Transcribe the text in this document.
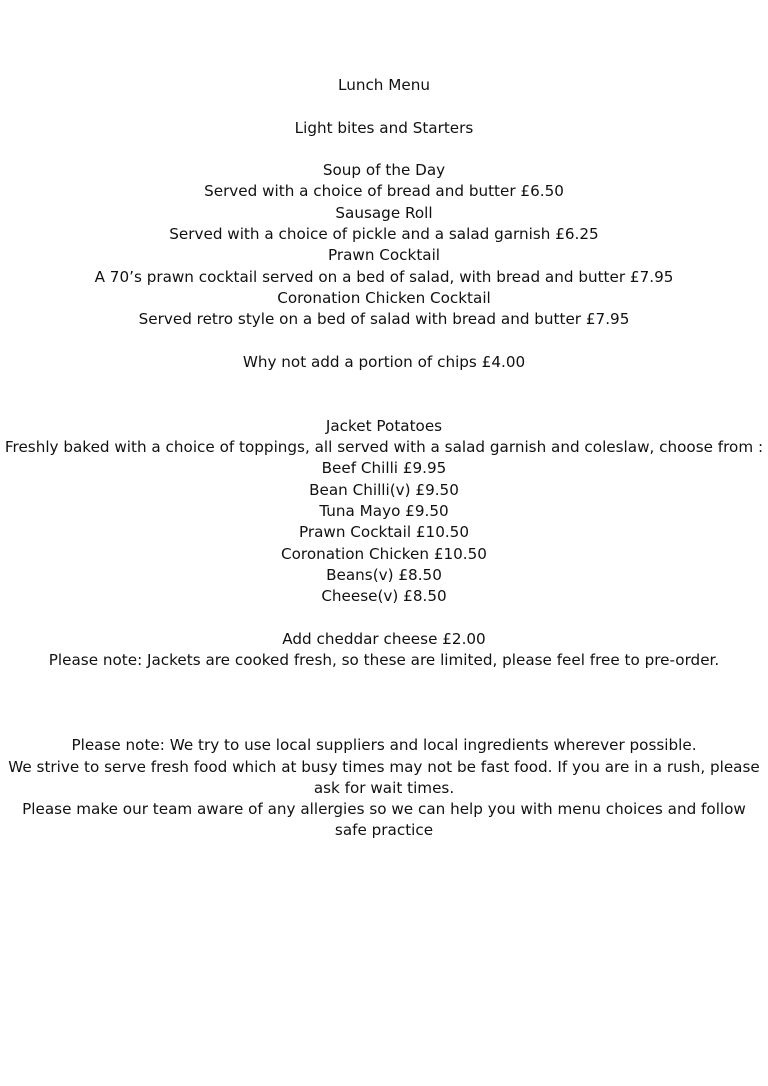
Lunch Menu
Light bites and Starters
Soup of the Day
Served with a choice of bread and butter £6.50
Sausage Roll
Served with a choice of pickle and a salad garnish £6.25
Prawn Cocktail
A 70’s prawn cocktail served on a bed of salad, with bread and butter £7.95
Coronation Chicken Cocktail
Served retro style on a bed of salad with bread and butter £7.95
Why not add a portion of chips £4.00
Jacket Potatoes
Freshly baked with a choice of toppings, all served with a salad garnish and coleslaw, choose from :
Beef Chilli £9.95
Bean Chilli(v) £9.50
Tuna Mayo £9.50
Prawn Cocktail £10.50
Coronation Chicken £10.50
Beans(v) £8.50
Cheese(v) £8.50
Add cheddar cheese £2.00
Please note: Jackets are cooked fresh, so these are limited, please feel free to pre-order.
Please note: We try to use local suppliers and local ingredients wherever possible.
We strive to serve fresh food which at busy times may not be fast food. If you are in a rush, please ask for wait times.
Please make our team aware of any allergies so we can help you with menu choices and follow safe practice
